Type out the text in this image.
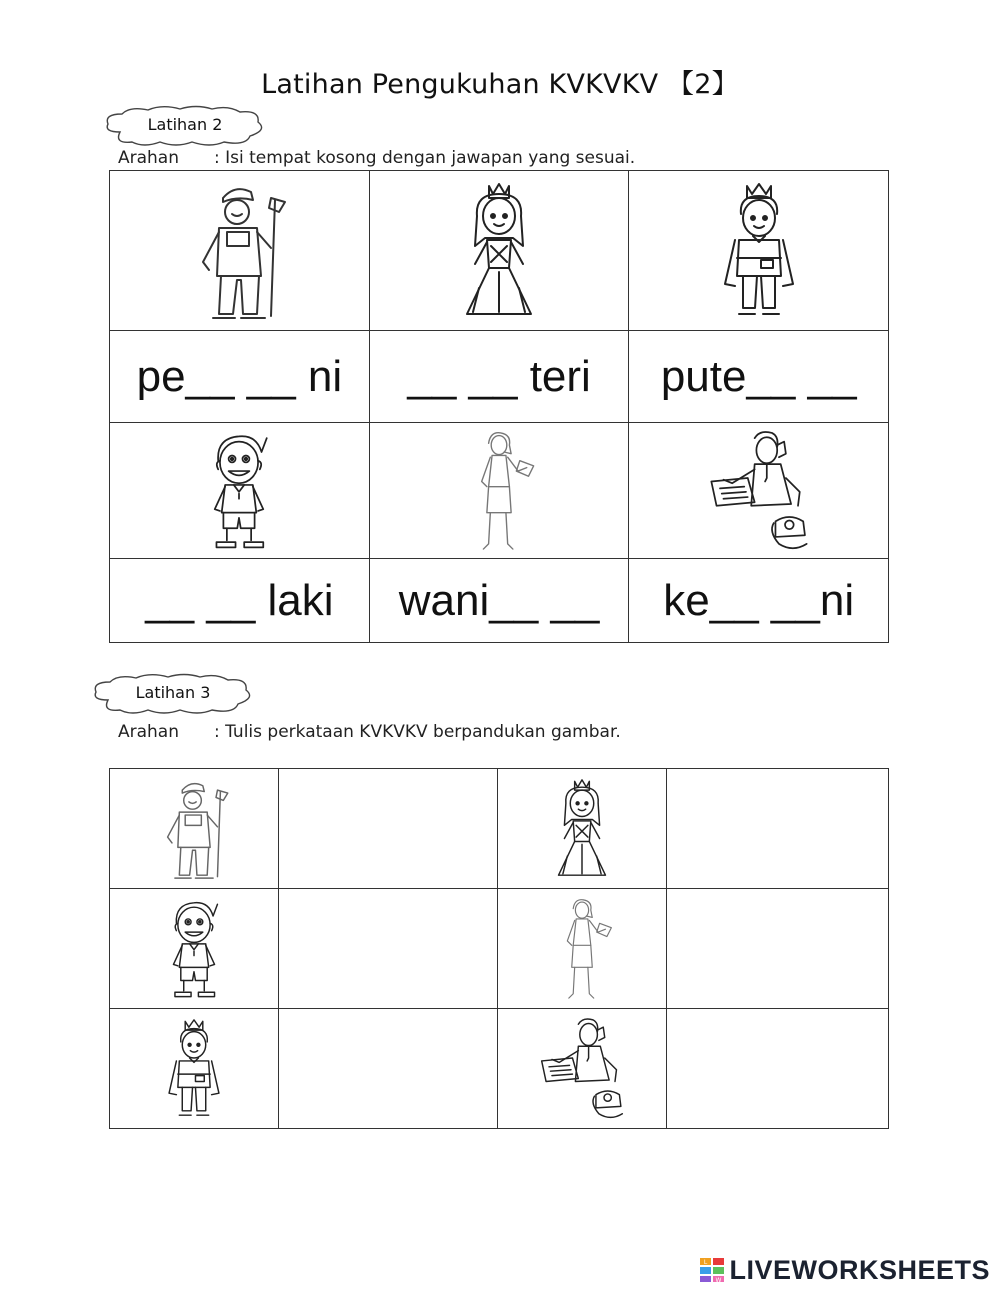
Latihan Pengukuhan KVKVKV 【2】
Latihan 2
Arahan : Isi tempat kosong dengan jawapan yang sesuai.

pe__ __ ni	__ __ teri	pute__ __

__ __ laki	wani__ __	ke__ __ni
Latihan 3
Arahan : Tulis perkataan KVKVKV berpandukan gambar.

L
W LIVEWORKSHEETS
